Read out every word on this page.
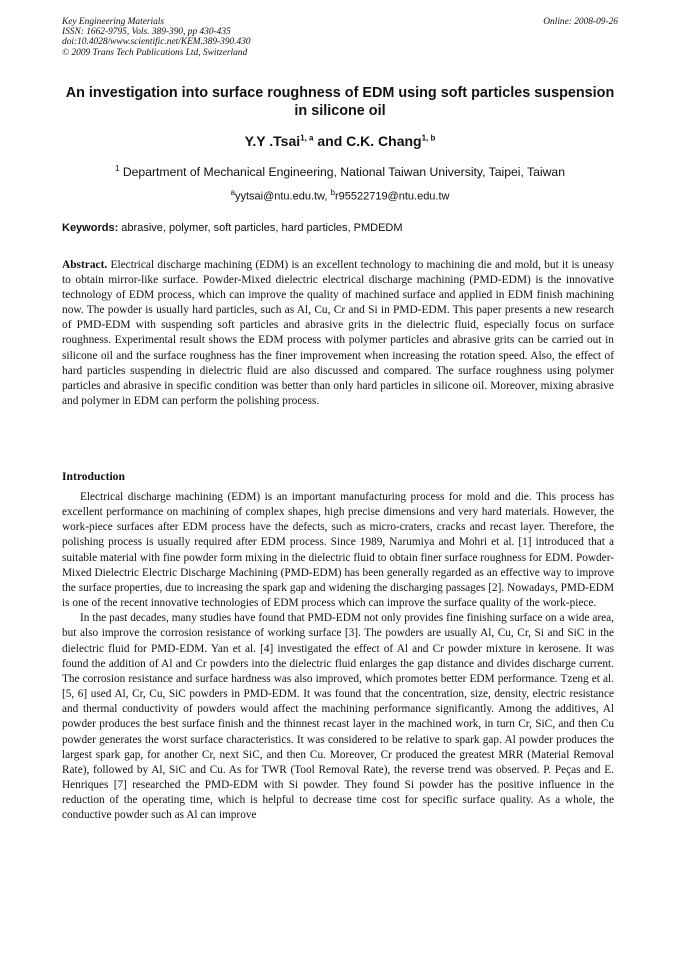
Key Engineering Materials
ISSN: 1662-9795, Vols. 389-390, pp 430-435
doi:10.4028/www.scientific.net/KEM.389-390.430
© 2009 Trans Tech Publications Ltd, Switzerland
Online: 2008-09-26
An investigation into surface roughness of EDM using soft particles suspension in silicone oil
Y.Y .Tsai$^{1, a}$ and C.K. Chang$^{1, b}$
$^1$ Department of Mechanical Engineering, National Taiwan University, Taipei, Taiwan
$^a$yytsai@ntu.edu.tw, $^b$r95522719@ntu.edu.tw
Keywords: abrasive, polymer, soft particles, hard particles, PMDEDM

Abstract. Electrical discharge machining (EDM) is an excellent technology to machining die and mold, but it is uneasy to obtain mirror-like surface. Powder-Mixed dielectric electrical discharge machining (PMD-EDM) is the innovative technology of EDM process, which can improve the quality of machined surface and applied in EDM finish machining now. The powder is usually hard particles, such as Al, Cu, Cr and Si in PMD-EDM. This paper presents a new research of PMD-EDM with suspending soft particles and abrasive grits in the dielectric fluid, especially focus on surface roughness. Experimental result shows the EDM process with polymer particles and abrasive grits can be carried out in silicone oil and the surface roughness has the finer improvement when increasing the rotation speed. Also, the effect of hard particles suspending in dielectric fluid are also discussed and compared. The surface roughness using polymer particles and abrasive in specific condition was better than only hard particles in silicone oil. Moreover, mixing abrasive and polymer in EDM can perform the polishing process.

Introduction

Electrical discharge machining (EDM) is an important manufacturing process for mold and die. This process has excellent performance on machining of complex shapes, high precise dimensions and very hard materials. However, the work-piece surfaces after EDM process have the defects, such as micro-craters, cracks and recast layer. Therefore, the polishing process is usually required after EDM process. Since 1989, Narumiya and Mohri et al. [1] introduced that a suitable material with fine powder form mixing in the dielectric fluid to obtain finer surface roughness for EDM. Powder-Mixed Dielectric Electric Discharge Machining (PMD-EDM) has been generally regarded as an effective way to improve the surface properties, due to increasing the spark gap and widening the discharging passages [2]. Nowadays, PMD-EDM is one of the recent innovative technologies of EDM process which can improve the surface quality of the work-piece.

In the past decades, many studies have found that PMD-EDM not only provides fine finishing surface on a wide area, but also improve the corrosion resistance of working surface [3]. The powders are usually Al, Cu, Cr, Si and SiC in the dielectric fluid for PMD-EDM. Yan et al. [4] investigated the effect of Al and Cr powder mixture in kerosene. It was found the addition of Al and Cr powders into the dielectric fluid enlarges the gap distance and divides discharge current. The corrosion resistance and surface hardness was also improved, which promotes better EDM performance. Tzeng et al. [5, 6] used Al, Cr, Cu, SiC powders in PMD-EDM. It was found that the concentration, size, density, electric resistance and thermal conductivity of powders would affect the machining performance significantly. Among the additives, Al powder produces the best surface finish and the thinnest recast layer in the machined work, in turn Cr, SiC, and then Cu powder generates the worst surface characteristics. It was considered to be relative to spark gap. Al powder produces the largest spark gap, for another Cr, next SiC, and then Cu. Moreover, Cr produced the greatest MRR (Material Removal Rate), followed by Al, SiC and Cu. As for TWR (Tool Removal Rate), the reverse trend was observed. P. Peças and E. Henriques [7] researched the PMD-EDM with Si powder. They found Si powder has the positive influence in the reduction of the operating time, which is helpful to decrease time cost for specific surface quality. As a whole, the conductive powder such as Al can improve
